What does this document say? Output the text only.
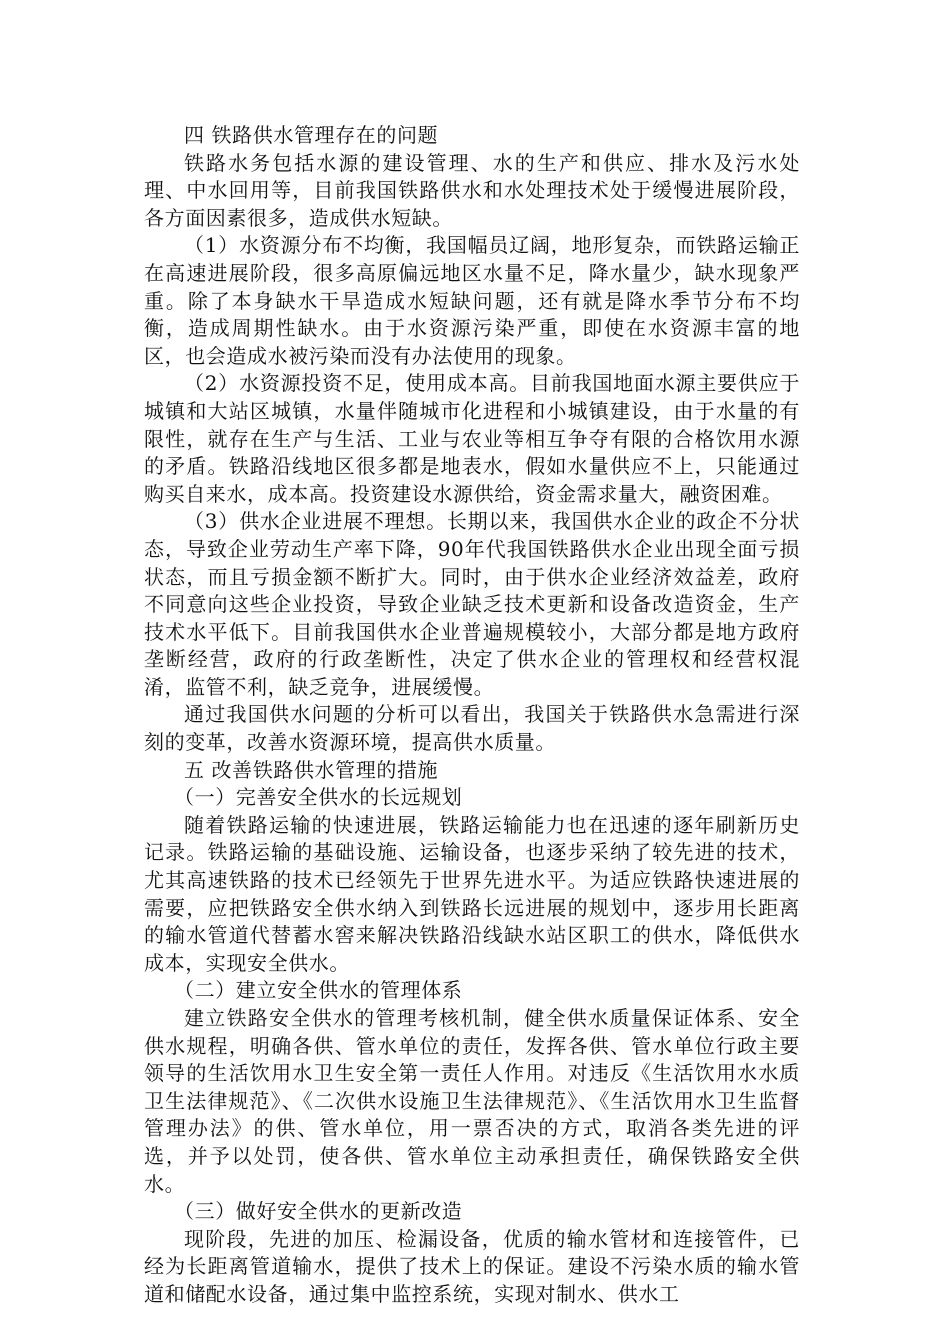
四 铁路供水管理存在的问题

铁路水务包括水源的建设管理、水的生产和供应、排水及污水处理、中水回用等，目前我国铁路供水和水处理技术处于缓慢进展阶段，各方面因素很多，造成供水短缺。

（1）水资源分布不均衡，我国幅员辽阔，地形复杂，而铁路运输正在高速进展阶段，很多高原偏远地区水量不足，降水量少，缺水现象严重。除了本身缺水干旱造成水短缺问题，还有就是降水季节分布不均衡，造成周期性缺水。由于水资源污染严重，即使在水资源丰富的地区，也会造成水被污染而没有办法使用的现象。

（2）水资源投资不足，使用成本高。目前我国地面水源主要供应于城镇和大站区城镇，水量伴随城市化进程和小城镇建设，由于水量的有限性，就存在生产与生活、工业与农业等相互争夺有限的合格饮用水源的矛盾。铁路沿线地区很多都是地表水，假如水量供应不上，只能通过购买自来水，成本高。投资建设水源供给，资金需求量大，融资困难。

（3）供水企业进展不理想。长期以来，我国供水企业的政企不分状态，导致企业劳动生产率下降，90年代我国铁路供水企业出现全面亏损状态，而且亏损金额不断扩大。同时，由于供水企业经济效益差，政府不同意向这些企业投资，导致企业缺乏技术更新和设备改造资金，生产技术水平低下。目前我国供水企业普遍规模较小，大部分都是地方政府垄断经营，政府的行政垄断性，决定了供水企业的管理权和经营权混淆，监管不利，缺乏竞争，进展缓慢。

通过我国供水问题的分析可以看出，我国关于铁路供水急需进行深刻的变革，改善水资源环境，提高供水质量。

五 改善铁路供水管理的措施

（一）完善安全供水的长远规划

随着铁路运输的快速进展，铁路运输能力也在迅速的逐年刷新历史记录。铁路运输的基础设施、运输设备，也逐步采纳了较先进的技术，尤其高速铁路的技术已经领先于世界先进水平。为适应铁路快速进展的需要，应把铁路安全供水纳入到铁路长远进展的规划中，逐步用长距离的输水管道代替蓄水窖来解决铁路沿线缺水站区职工的供水，降低供水成本，实现安全供水。

（二）建立安全供水的管理体系

建立铁路安全供水的管理考核机制，健全供水质量保证体系、安全供水规程，明确各供、管水单位的责任，发挥各供、管水单位行政主要领导的生活饮用水卫生安全第一责任人作用。对违反《生活饮用水水质卫生法律规范》、《二次供水设施卫生法律规范》、《生活饮用水卫生监督管理办法》的供、管水单位，用一票否决的方式，取消各类先进的评选，并予以处罚，使各供、管水单位主动承担责任，确保铁路安全供水。

（三）做好安全供水的更新改造

现阶段，先进的加压、检漏设备，优质的输水管材和连接管件，已经为长距离管道输水，提供了技术上的保证。建设不污染水质的输水管道和储配水设备，通过集中监控系统，实现对制水、供水工
